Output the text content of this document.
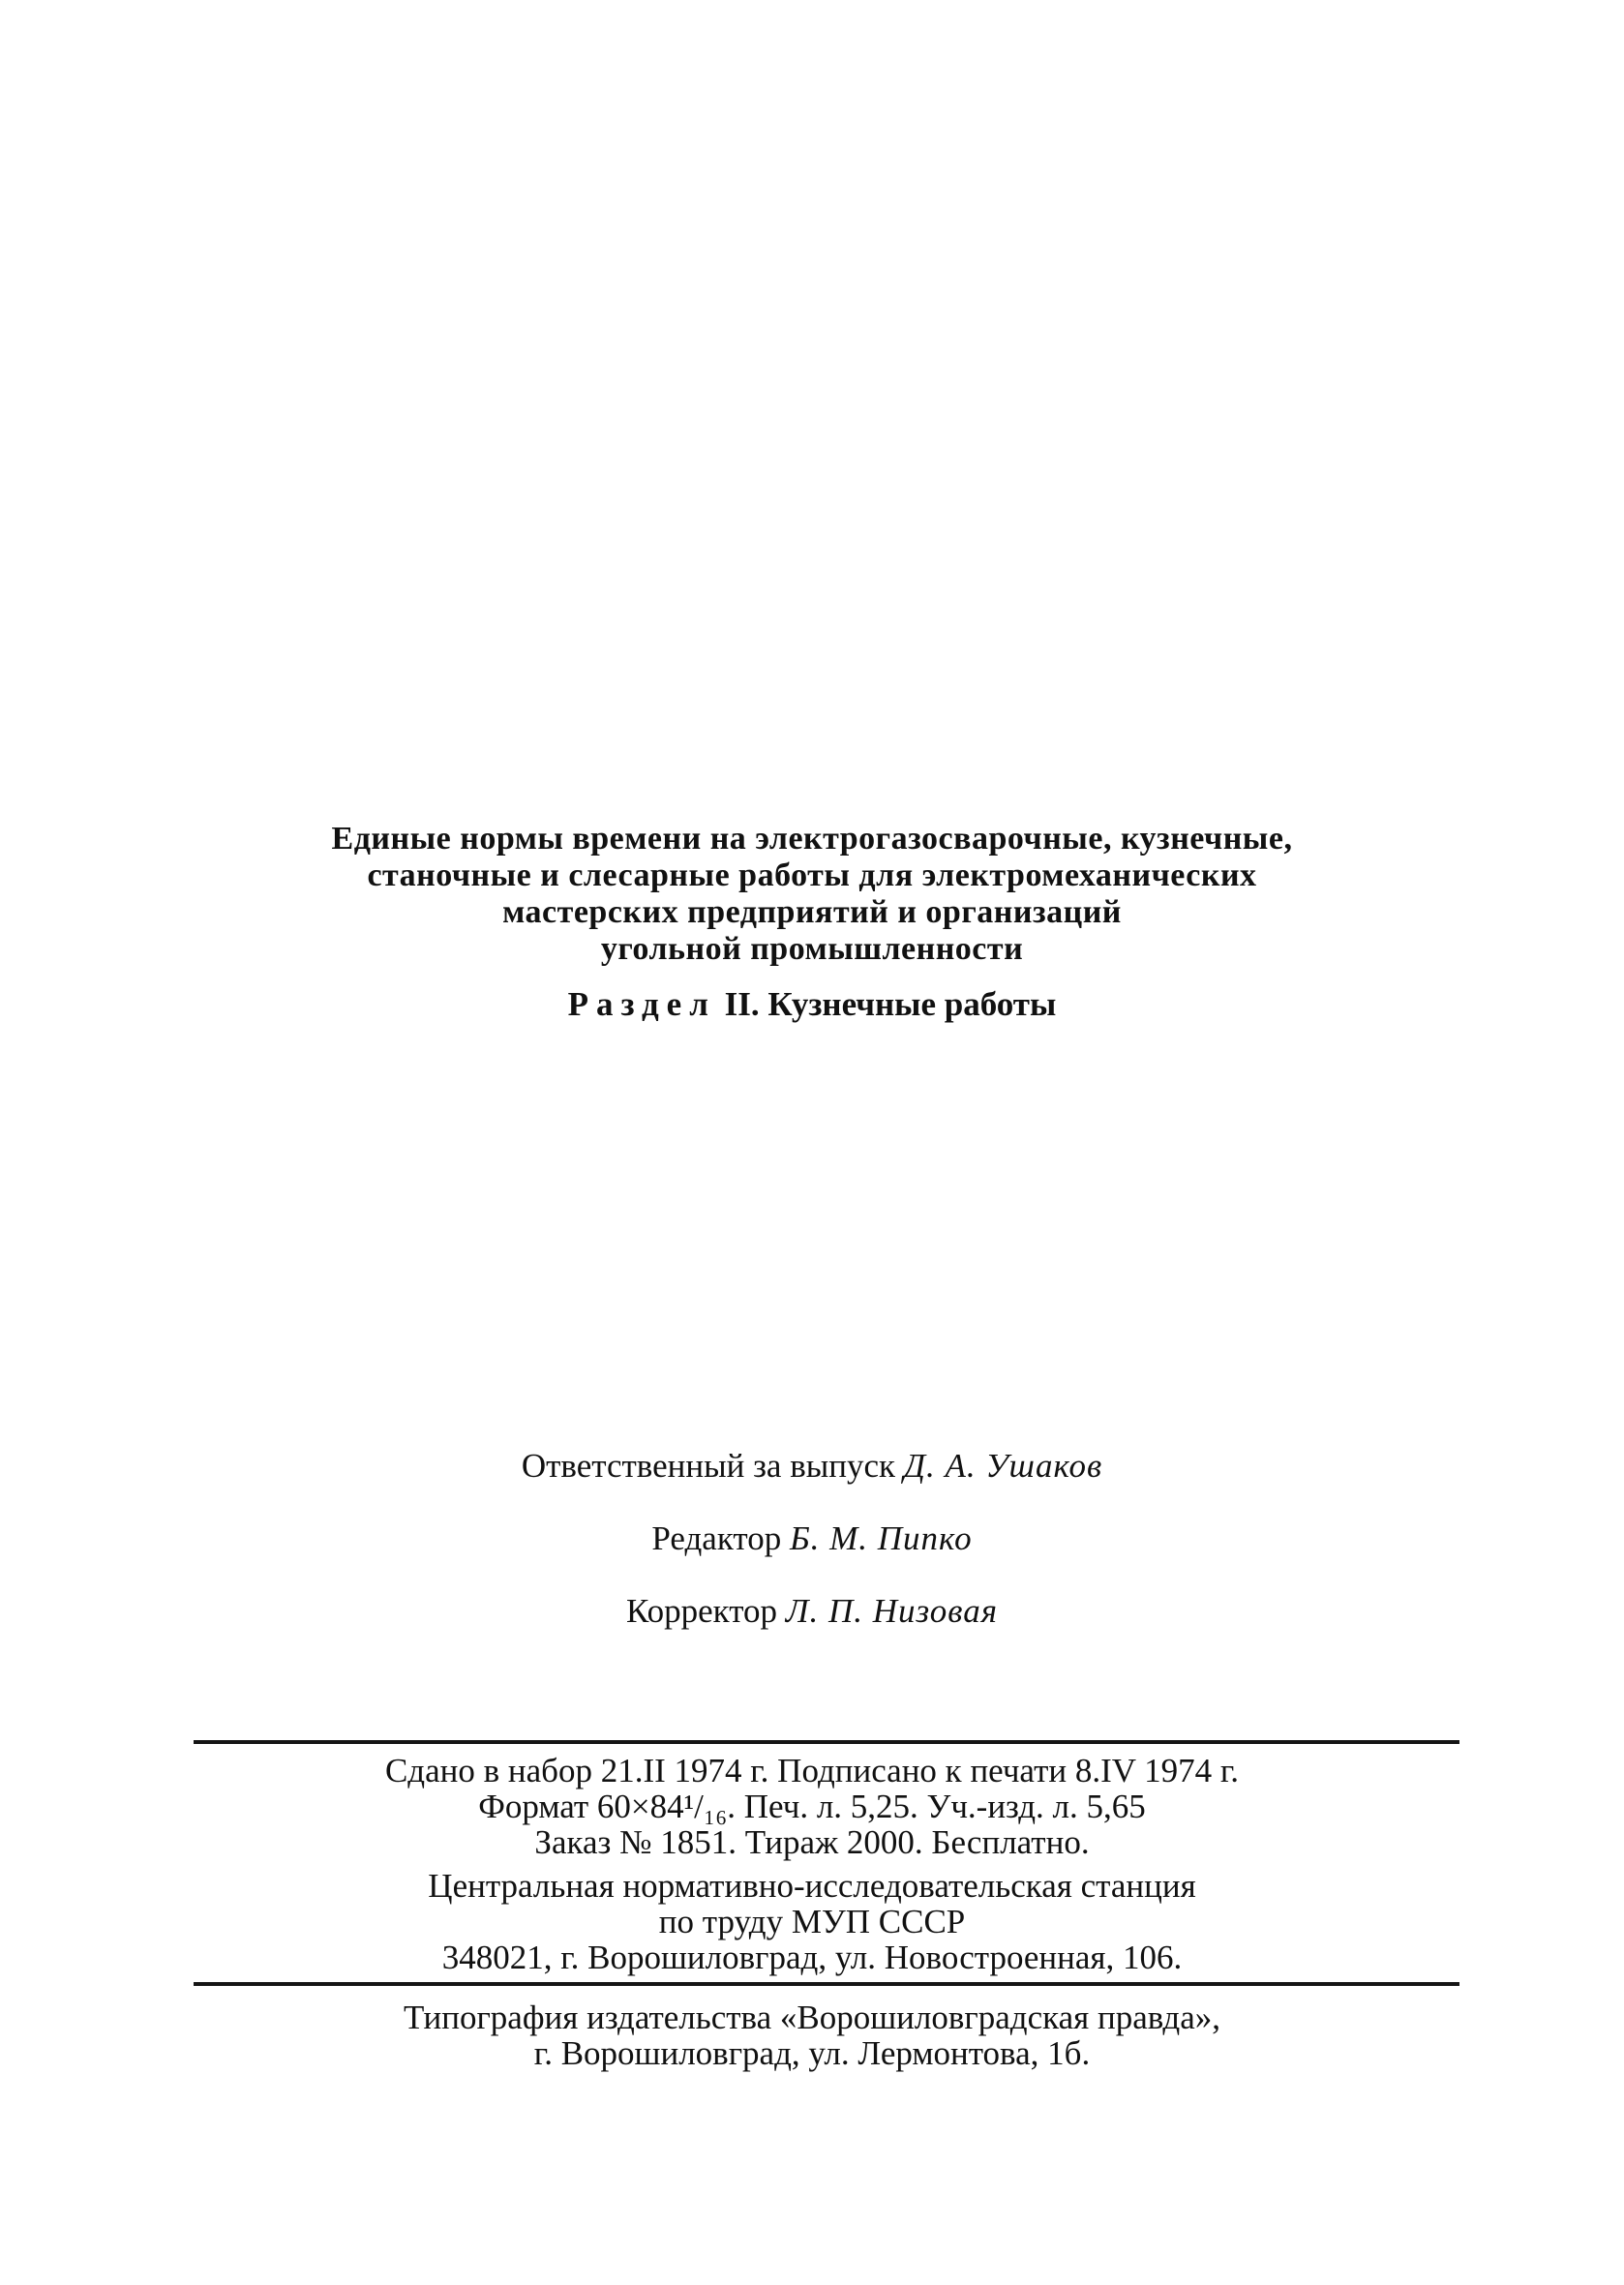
Единые нормы времени на электрогазосварочные, кузнечные,
станочные и слесарные работы для электромеханических
мастерских предприятий и организаций
угольной промышленности
Раздел II. Кузнечные работы
Ответственный за выпуск Д. А. Ушаков
Редактор Б. М. Пипко
Корректор Л. П. Низовая
Сдано в набор 21.II 1974 г. Подписано к печати 8.IV 1974 г.
Формат 60×84¹/₁₆. Печ. л. 5,25. Уч.-изд. л. 5,65
Заказ № 1851. Тираж 2000. Бесплатно.
Центральная нормативно-исследовательская станция
по труду МУП СССР
348021, г. Ворошиловград, ул. Новостроенная, 106.
Типография издательства «Ворошиловградская правда»,
г. Ворошиловград, ул. Лермонтова, 1б.
